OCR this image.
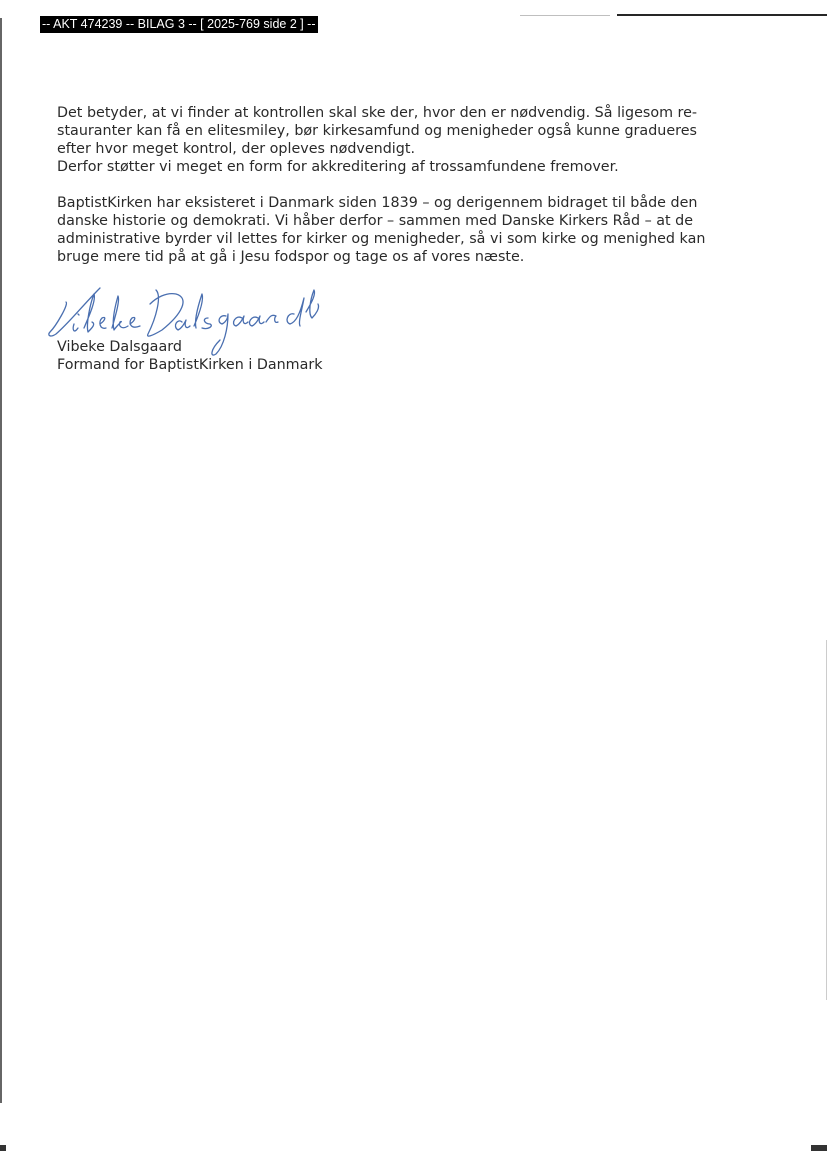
-- AKT 474239 -- BILAG 3 -- [ 2025-769 side 2 ] --

Det betyder, at vi finder at kontrollen skal ske der, hvor den er nødvendig. Så ligesom re-
stauranter kan få en elitesmiley, bør kirkesamfund og menigheder også kunne gradueres
efter hvor meget kontrol, der opleves nødvendigt.

Derfor støtter vi meget en form for akkreditering af trossamfundene fremover.

BaptistKirken har eksisteret i Danmark siden 1839 – og derigennem bidraget til både den
danske historie og demokrati. Vi håber derfor – sammen med Danske Kirkers Råd – at de
administrative byrder vil lettes for kirker og menigheder, så vi som kirke og menighed kan
bruge mere tid på at gå i Jesu fodspor og tage os af vores næste.

Vibeke Dalsgaard
Formand for BaptistKirken i Danmark
